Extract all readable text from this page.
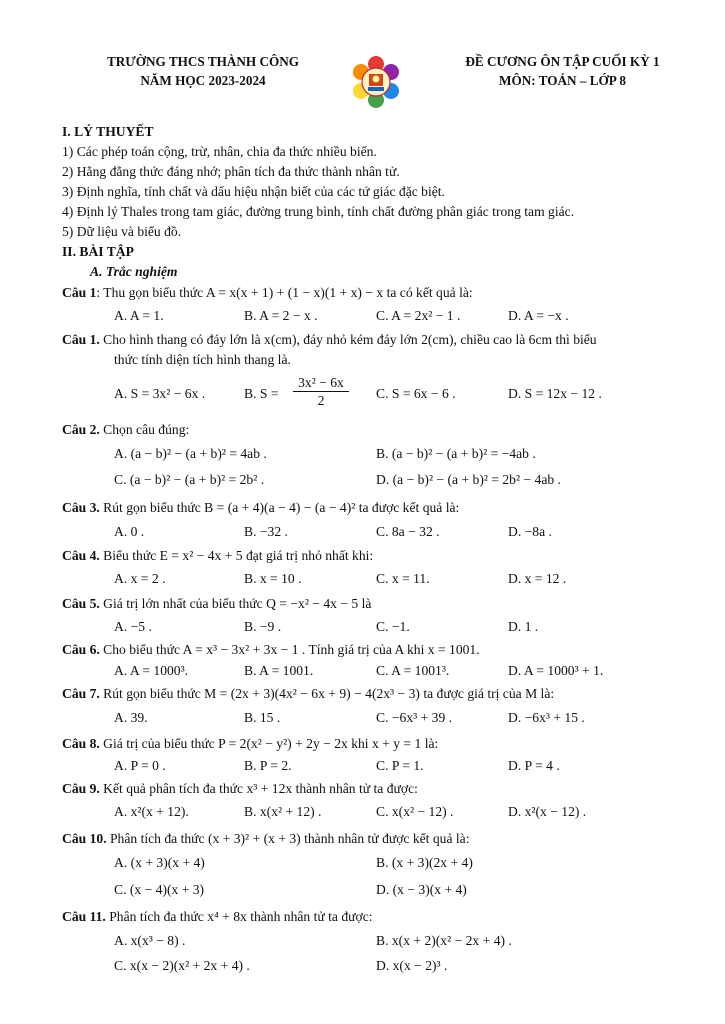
TRƯỜNG THCS THÀNH CÔNG
NĂM HỌC 2023-2024
ĐỀ CƯƠNG ÔN TẬP CUỐI KỲ 1
MÔN: TOÁN – LỚP 8
I. LÝ THUYẾT
1) Các phép toán cộng, trừ, nhân, chia đa thức nhiều biến.
2) Hằng đẳng thức đáng nhớ; phân tích đa thức thành nhân tử.
3) Định nghĩa, tính chất và dấu hiệu nhận biết của các tứ giác đặc biệt.
4) Định lý Thales trong tam giác, đường trung bình, tính chất đường phân giác trong tam giác.
5) Dữ liệu và biểu đồ.
II. BÀI TẬP
A. Trắc nghiệm
Câu 1: Thu gọn biểu thức A = x(x + 1) + (1 − x)(1 + x) − x ta có kết quả là:
A. A = 1.	B. A = 2 − x .	C. A = 2x² − 1 .	D. A = −x .
Câu 1. Cho hình thang có đáy lớn là x(cm), đáy nhỏ kém đáy lớn 2(cm), chiều cao là 6cm thì biểu
thức tính diện tích hình thang là.
A. S = 3x² − 6x .	B. $S = \frac{\text{3x² − 6x}}{2} C$. S = 6x − 6 .	D. S = 12x − 12 .
Câu 2. Chọn câu đúng:
A. (a − b)² − (a + b)² = 4ab .	B. (a − b)² − (a + b)² = −4ab .
C. (a − b)² − (a + b)² = 2b² .	D. (a − b)² − (a + b)² = 2b² − 4ab .
Câu 3. Rút gọn biểu thức B = (a + 4)(a − 4) − (a − 4)² ta được kết quả là:
A. 0 .	B. −32 .	C. 8a − 32 .	D. −8a .
Câu 4. Biểu thức E = x² − 4x + 5 đạt giá trị nhỏ nhất khi:
A. x = 2 .	B. x = 10 .	C. x = 11.	D. x = 12 .
Câu 5. Giá trị lớn nhất của biểu thức Q = −x² − 4x − 5 là
A. −5 .	B. −9 .	C. −1.	D. 1 .
Câu 6. Cho biểu thức A = x³ − 3x² + 3x − 1 . Tính giá trị của A khi x = 1001.
A. A = 1000³.	B. A = 1001.	C. A = 1001³.	D. A = 1000³ + 1.
Câu 7. Rút gọn biểu thức M = (2x + 3)(4x² − 6x + 9) − 4(2x³ − 3) ta được giá trị của M là:
A. 39.	B. 15 .	C. −6x³ + 39 .	D. −6x³ + 15 .
Câu 8. Giá trị của biểu thức P = 2(x² − y²) + 2y − 2x khi x + y = 1 là:
A. P = 0 .	B. P = 2.	C. P = 1.	D. P = 4 .
Câu 9. Kết quả phân tích đa thức x³ + 12x thành nhân tử ta được:
A. x²(x + 12).	B. x(x² + 12) .	C. x(x² − 12) .	D. x²(x − 12) .
Câu 10. Phân tích đa thức (x + 3)² + (x + 3) thành nhân tử được kết quả là:
A. (x + 3)(x + 4)	B. (x + 3)(2x + 4)
C. (x − 4)(x + 3)	D. (x − 3)(x + 4)
Câu 11. Phân tích đa thức x⁴ + 8x thành nhân tử ta được:
A. x(x³ − 8) .	B. x(x + 2)(x² − 2x + 4) .
C. x(x − 2)(x² + 2x + 4) .	D. x(x − 2)³ .
